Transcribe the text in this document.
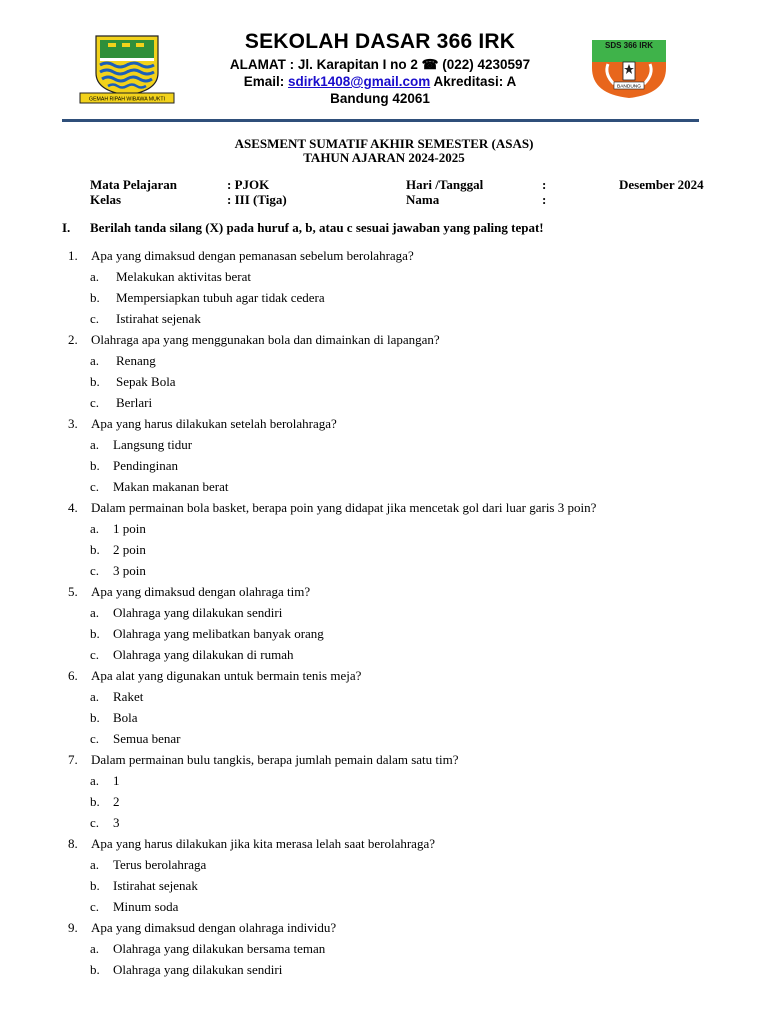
GEMAH RIPAH WIBAWA MUKTI
SEKOLAH DASAR 366 IRK
ALAMAT : Jl. Karapitan I no 2 ☎ (022) 4230597
Email: sdirk1408@gmail.com Akreditasi: A
Bandung 42061
SDS 366 IRK
BANDUNG
ASESMENT SUMATIF AKHIR SEMESTER (ASAS)
TAHUN AJARAN 2024-2025
Mata Pelajaran	: PJOK	Hari /Tanggal	:	Desember 2024
Kelas	: III (Tiga)	Nama	:
I. Berilah tanda silang (X) pada huruf a, b, atau c sesuai jawaban yang paling tepat!
1. Apa yang dimaksud dengan pemanasan sebelum berolahraga?
a. Melakukan aktivitas berat
b. Mempersiapkan tubuh agar tidak cedera
c. Istirahat sejenak
2. Olahraga apa yang menggunakan bola dan dimainkan di lapangan?
a. Renang
b. Sepak Bola
c. Berlari
3. Apa yang harus dilakukan setelah berolahraga?
a. Langsung tidur
b. Pendinginan
c. Makan makanan berat
4. Dalam permainan bola basket, berapa poin yang didapat jika mencetak gol dari luar garis 3 poin?
a. 1 poin
b. 2 poin
c. 3 poin
5. Apa yang dimaksud dengan olahraga tim?
a. Olahraga yang dilakukan sendiri
b. Olahraga yang melibatkan banyak orang
c. Olahraga yang dilakukan di rumah
6. Apa alat yang digunakan untuk bermain tenis meja?
a. Raket
b. Bola
c. Semua benar
7. Dalam permainan bulu tangkis, berapa jumlah pemain dalam satu tim?
a. 1
b. 2
c. 3
8. Apa yang harus dilakukan jika kita merasa lelah saat berolahraga?
a. Terus berolahraga
b. Istirahat sejenak
c. Minum soda
9. Apa yang dimaksud dengan olahraga individu?
a. Olahraga yang dilakukan bersama teman
b. Olahraga yang dilakukan sendiri
